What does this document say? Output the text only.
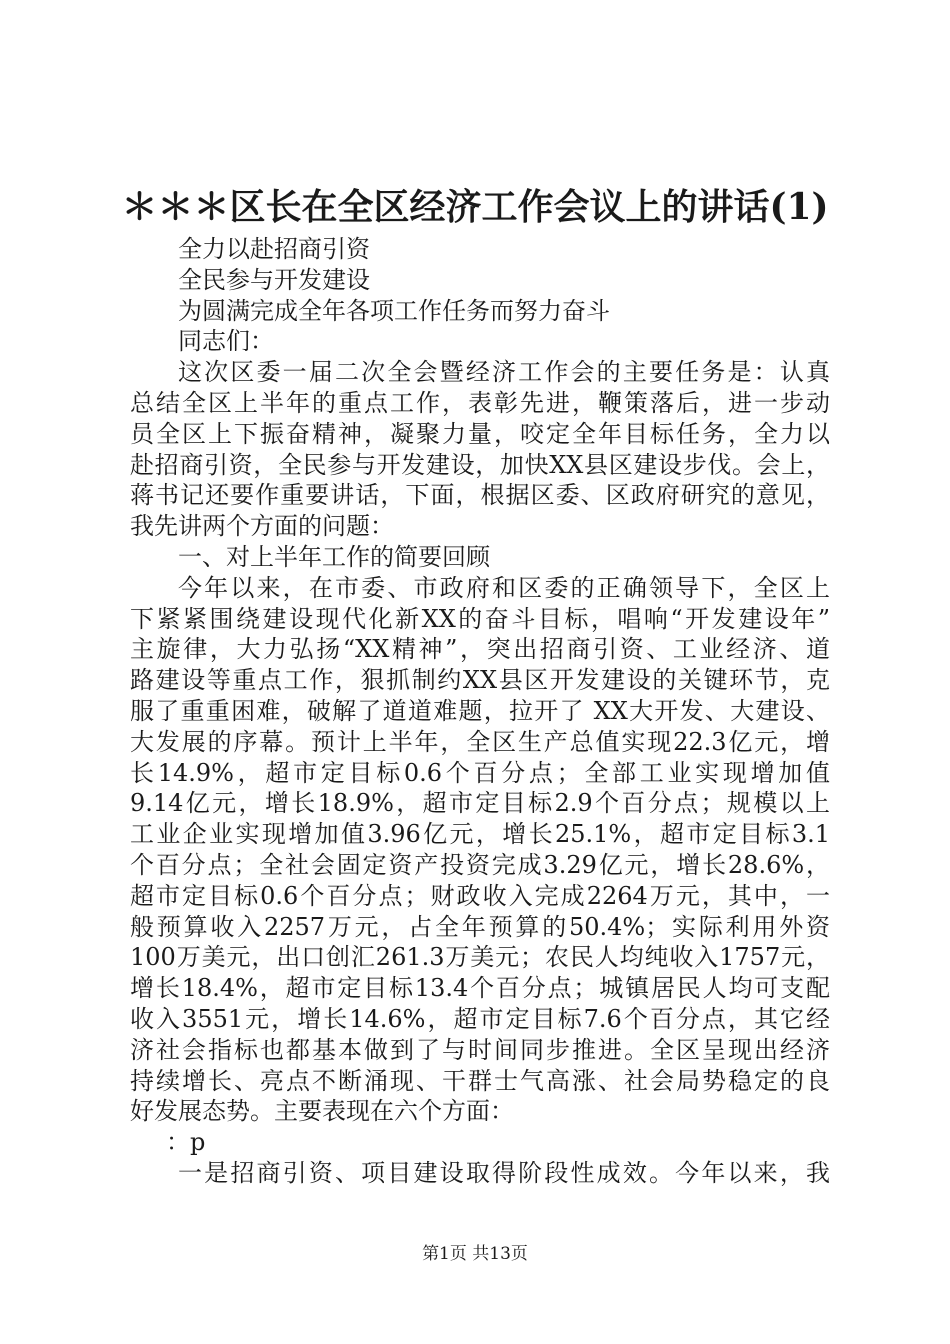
＊＊＊区长在全区经济工作会议上的讲话(1)
全力以赴招商引资
全民参与开发建设
为圆满完成全年各项工作任务而努力奋斗
同志们：
这次区委一届二次全会暨经济工作会的主要任务是：认真
总结全区上半年的重点工作，表彰先进，鞭策落后，进一步动
员全区上下振奋精神，凝聚力量，咬定全年目标任务，全力以
赴招商引资，全民参与开发建设，加快XX县区建设步伐。会上，
蒋书记还要作重要讲话，下面，根据区委、区政府研究的意见，
我先讲两个方面的问题：
一、对上半年工作的简要回顾
今年以来，在市委、市政府和区委的正确领导下，全区上
下紧紧围绕建设现代化新XX的奋斗目标，唱响“开发建设年”
主旋律，大力弘扬“XX精神”，突出招商引资、工业经济、道
路建设等重点工作，狠抓制约XX县区开发建设的关键环节，克
服了重重困难，破解了道道难题，拉开了 XX大开发、大建设、
大发展的序幕。预计上半年，全区生产总值实现22.3亿元，增
长14.9%，超市定目标0.6个百分点；全部工业实现增加值
9.14亿元，增长18.9%，超市定目标2.9个百分点；规模以上
工业企业实现增加值3.96亿元，增长25.1%，超市定目标3.1
个百分点；全社会固定资产投资完成3.29亿元，增长28.6%，
超市定目标0.6个百分点；财政收入完成2264万元，其中，一
般预算收入2257万元，占全年预算的50.4%；实际利用外资
100万美元，出口创汇261.3万美元；农民人均纯收入1757元，
增长18.4%，超市定目标13.4个百分点；城镇居民人均可支配
收入3551元，增长14.6%，超市定目标7.6个百分点，其它经
济社会指标也都基本做到了与时间同步推进。全区呈现出经济
持续增长、亮点不断涌现、干群士气高涨、社会局势稳定的良
好发展态势。主要表现在六个方面：
：p
一是招商引资、项目建设取得阶段性成效。今年以来，我
第1页 共13页
